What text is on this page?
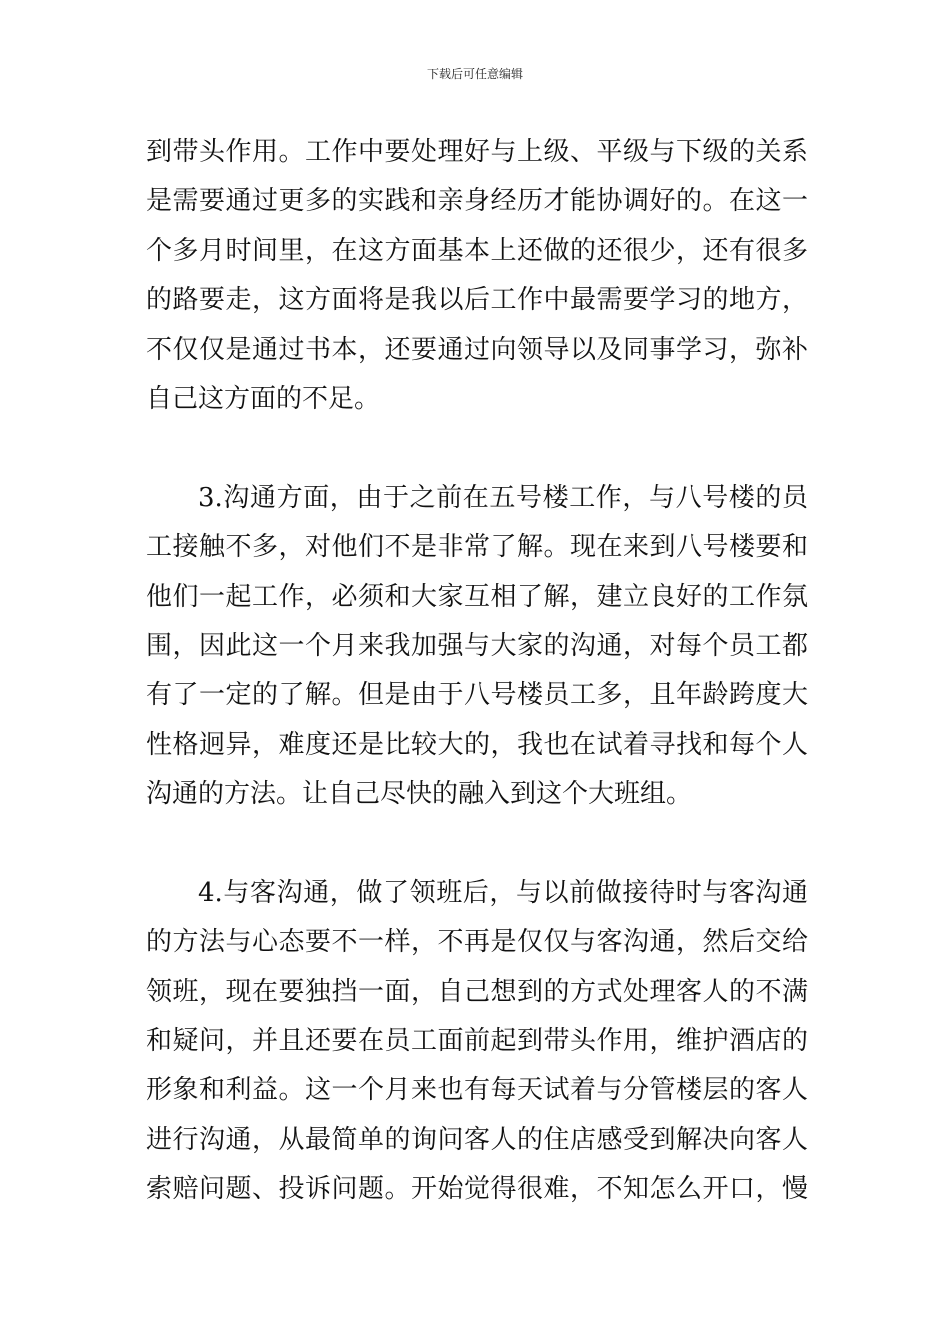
下载后可任意编辑
到带头作用。工作中要处理好与上级、平级与下级的关系
是需要通过更多的实践和亲身经历才能协调好的。在这一
个多月时间里，在这方面基本上还做的还很少，还有很多
的路要走，这方面将是我以后工作中最需要学习的地方，
不仅仅是通过书本，还要通过向领导以及同事学习，弥补
自己这方面的不足。
3.沟通方面，由于之前在五号楼工作，与八号楼的员
工接触不多，对他们不是非常了解。现在来到八号楼要和
他们一起工作，必须和大家互相了解，建立良好的工作氛
围，因此这一个月来我加强与大家的沟通，对每个员工都
有了一定的了解。但是由于八号楼员工多，且年龄跨度大
性格迥异，难度还是比较大的，我也在试着寻找和每个人
沟通的方法。让自己尽快的融入到这个大班组。
4.与客沟通，做了领班后，与以前做接待时与客沟通
的方法与心态要不一样，不再是仅仅与客沟通，然后交给
领班，现在要独挡一面，自己想到的方式处理客人的不满
和疑问，并且还要在员工面前起到带头作用，维护酒店的
形象和利益。这一个月来也有每天试着与分管楼层的客人
进行沟通，从最简单的询问客人的住店感受到解决向客人
索赔问题、投诉问题。开始觉得很难，不知怎么开口，慢
